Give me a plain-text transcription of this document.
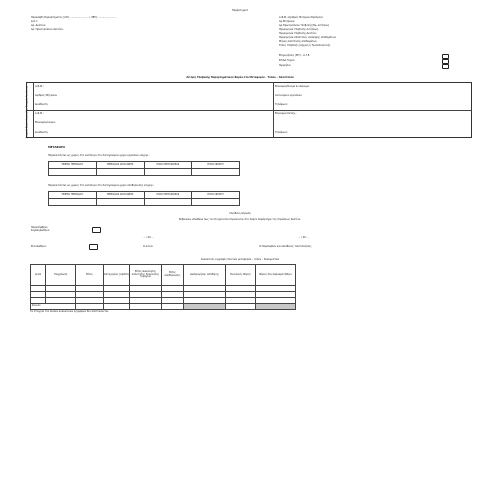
Παράρτημα ΙΙ
Παραλαβή Παραρτήματος (ΑΠ): ........................ / (ΗΕΙ): ........................
Δ.Ο.Υ.
Αρ. Δελτίου:
Αρ. Πρωτοκόλλου Δελτίου:
Α.Φ.Μ. (Αριθμός Μητρώου Εμπόρου):
Αρ.Μητρώου:
Αρ.Πρωτοκόλλου Υποβολής/Ημ. αιτήσεως
Ημερομηνία Υποβολής Αιτήσεως:
Ημερομηνία Υποβολής Δελτίου:
Ημερομηνία Αποστολής ανάληψης αποθεμάτων
Μήνας αποστολής αποθεμάτων
Τύπος Υποβολής (Αρχική ή Τροποποιητική)
Επιχειρήσεις (ΕΙΤ) – Α.Γ.Ε.
ΕΛ/ΔΑ Ξηρού
Ημερήσια
Αίτηση Υποβολής Παραρτηματικού Φορέα στα Μεταφορέα – Τύπου – Αποστολέα
Στοιχεία Αιτούντος
Στοιχεία Φορέα Αποστολής
Α.Φ.Μ.:	Επωνυμία/Ονομα & επώνυμο:
Αριθμός Μητρώου	Αντικείμενο εργασιών:
Διεύθυνση:	Τηλέφωνο:
Α.Φ.Μ.:	Επωνυμία Καταχ.:
Επωνυμία/ονομα:
Διεύθυνση:	Τηλέφωνο:
ΜΕΤΑΦΟΡΑ
Παρακατιόνται ως χώρος στο κατάλογο στο διατηρούμενο χώρο εργασιών επιχειρ.:
ΗΜΕΡΑ ΠΕΡΙΟΔΟΥ	ΠΕΡΙΟΔΟΣ ΑΠΟΛΑΒΗΣ	ΠΟΣΟ ΜΕΤΑΦΟΡΑΣ	ΠΟΣΟ ΦΟΡΟΥ

Παρακατιόνται ως χώρος στο κατάλογο στο διατηρούμενο χώρο αποθήκευσης επιχειρ.:
ΗΜΕΡΑ ΠΕΡΙΟΔΟΥ	ΠΕΡΙΟΔΟΣ ΑΠΟΛΑΒΗΣ	ΠΟΣΟ ΜΕΤΑΦΟΡΑΣ	ΠΟΣΟ ΦΟΡΟΥ

Υπεύθυνη Δήλωση
Βεβαιώνω υπεύθυνα πως τα στοιχεία που δηλώνονται στο παρόν παράρτημα της δηλώσεως Δελτίου.
Παραλήφθηκε Συμπληρώθηκε:
... / 20 ...	... / 20 ...
Εκτυπώθηκε:	Ο αιτών	Ο Παραλαβών και υπεύθυνος ταυτοποίησης
Αναλυτικές εγγραφές δεικτών μεταφορέα – τύπου – διακομιστών
α/α/α	Υποχρέωση	Είδος	Κατηγορίας (Αριθ.Κ)	Είδος Διακίνησης απόκτησης διακίνησης τεμαχίου	Είδος αποθήκευσης	Διαδρομή/αρ. Αποθήκης	Συνολικός Φόρος	Φόρος που παρακρατήθηκε

Σύνολο								
Τα στοιχεία του πίνακα αναλυτικών εγγραφών δεν αποτελούνται.
